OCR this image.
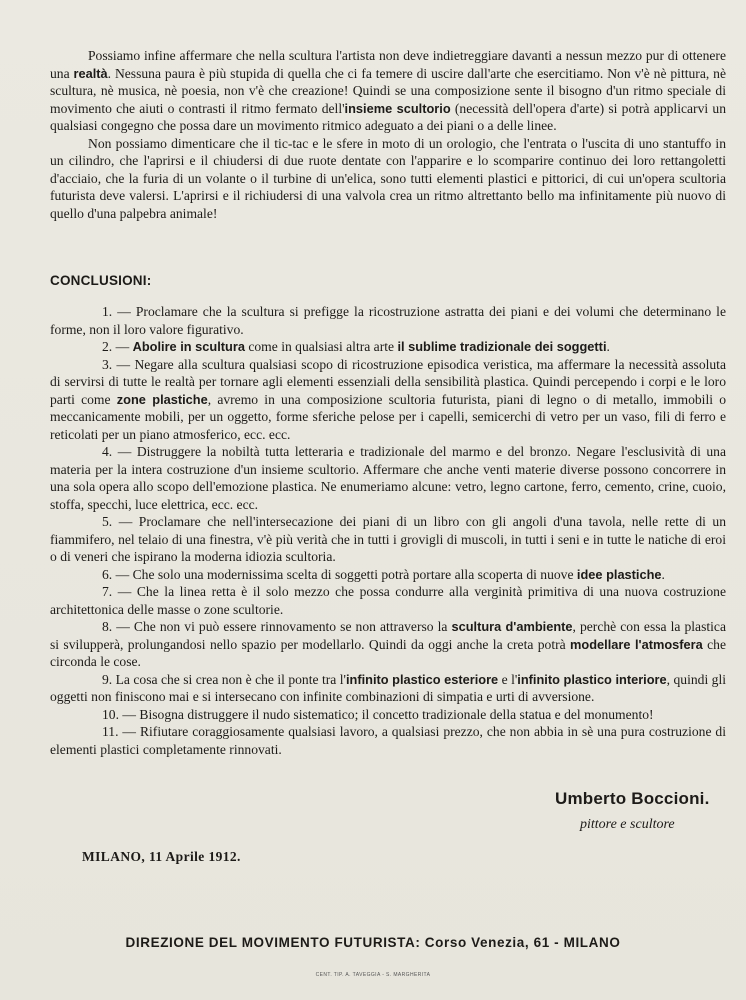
Possiamo infine affermare che nella scultura l'artista non deve indietreggiare davanti a nessun mezzo pur di ottenere una realtà. Nessuna paura è più stupida di quella che ci fa temere di uscire dall'arte che esercitiamo. Non v'è nè pittura, nè scultura, nè musica, nè poesia, non v'è che creazione! Quindi se una composizione sente il bisogno d'un ritmo speciale di movimento che aiuti o contrasti il ritmo fermato dell'insieme scultorio (necessità dell'opera d'arte) si potrà applicarvi un qualsiasi congegno che possa dare un movimento ritmico adeguato a dei piani o a delle linee.

Non possiamo dimenticare che il tic-tac e le sfere in moto di un orologio, che l'entrata o l'uscita di uno stantuffo in un cilindro, che l'aprirsi e il chiudersi di due ruote dentate con l'apparire e lo scomparire continuo dei loro rettangoletti d'acciaio, che la furia di un volante o il turbine di un'elica, sono tutti elementi plastici e pittorici, di cui un'opera scultoria futurista deve valersi. L'aprirsi e il richiudersi di una valvola crea un ritmo altrettanto bello ma infinitamente più nuovo di quello d'una palpebra animale!

CONCLUSIONI:

1. — Proclamare che la scultura si prefigge la ricostruzione astratta dei piani e dei volumi che determinano le forme, non il loro valore figurativo.

2. — Abolire in scultura come in qualsiasi altra arte il sublime tradizionale dei soggetti.

3. — Negare alla scultura qualsiasi scopo di ricostruzione episodica veristica, ma affermare la necessità assoluta di servirsi di tutte le realtà per tornare agli elementi essenziali della sensibilità plastica. Quindi percependo i corpi e le loro parti come zone plastiche, avremo in una composizione scultoria futurista, piani di legno o di metallo, immobili o meccanicamente mobili, per un oggetto, forme sferiche pelose per i capelli, semicerchi di vetro per un vaso, fili di ferro e reticolati per un piano atmosferico, ecc. ecc.

4. — Distruggere la nobiltà tutta letteraria e tradizionale del marmo e del bronzo. Negare l'esclusività di una materia per la intera costruzione d'un insieme scultorio. Affermare che anche venti materie diverse possono concorrere in una sola opera allo scopo dell'emozione plastica. Ne enumeriamo alcune: vetro, legno cartone, ferro, cemento, crine, cuoio, stoffa, specchi, luce elettrica, ecc. ecc.

5. — Proclamare che nell'intersecazione dei piani di un libro con gli angoli d'una tavola, nelle rette di un fiammifero, nel telaio di una finestra, v'è più verità che in tutti i grovigli di muscoli, in tutti i seni e in tutte le natiche di eroi o di veneri che ispirano la moderna idiozia scultoria.

6. — Che solo una modernissima scelta di soggetti potrà portare alla scoperta di nuove idee plastiche.

7. — Che la linea retta è il solo mezzo che possa condurre alla verginità primitiva di una nuova costruzione architettonica delle masse o zone scultorie.

8. — Che non vi può essere rinnovamento se non attraverso la scultura d'ambiente, perchè con essa la plastica si svilupperà, prolungandosi nello spazio per modellarlo. Quindi da oggi anche la creta potrà modellare l'atmosfera che circonda le cose.

9. La cosa che si crea non è che il ponte tra l'infinito plastico esteriore e l'infinito plastico interiore, quindi gli oggetti non finiscono mai e si intersecano con infinite combinazioni di simpatia e urti di avversione.

10. — Bisogna distruggere il nudo sistematico; il concetto tradizionale della statua e del monumento!

11. — Rifiutare coraggiosamente qualsiasi lavoro, a qualsiasi prezzo, che non abbia in sè una pura costruzione di elementi plastici completamente rinnovati.

Umberto Boccioni.
pittore e scultore
MILANO, 11 Aprile 1912.
DIREZIONE DEL MOVIMENTO FUTURISTA: Corso Venezia, 61 - MILANO
CENT. TIP. A. TAVEGGIA - S. MARGHERITA
